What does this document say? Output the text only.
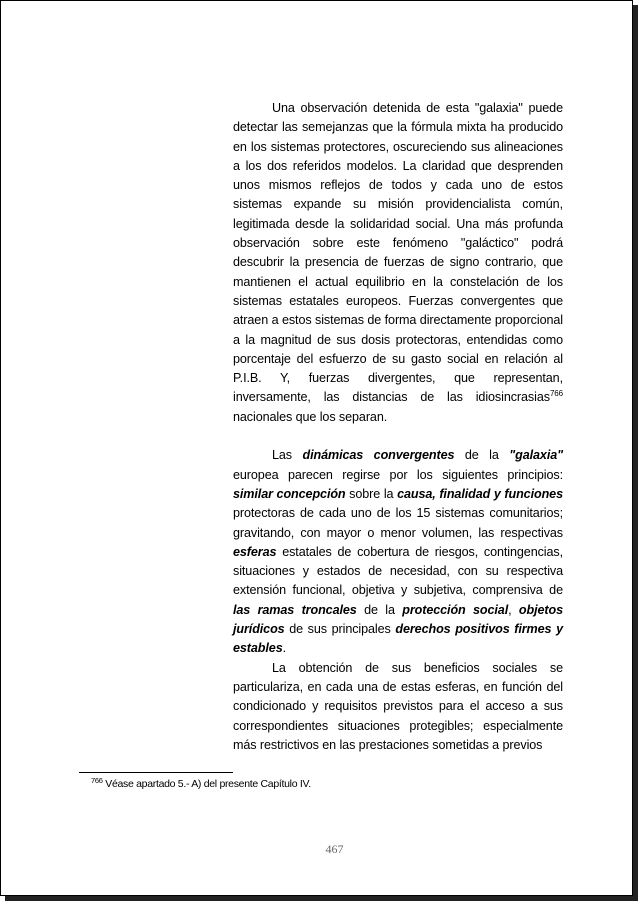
Una observación detenida de esta "galaxia" puede detectar las semejanzas que la fórmula mixta ha producido en los sistemas protectores, oscureciendo sus alineaciones a los dos referidos modelos. La claridad que desprenden unos mismos reflejos de todos y cada uno de estos sistemas expande su misión providencialista común, legitimada desde la solidaridad social. Una más profunda observación sobre este fenómeno "galáctico" podrá descubrir la presencia de fuerzas de signo contrario, que mantienen el actual equilibrio en la constelación de los sistemas estatales europeos. Fuerzas convergentes que atraen a estos sistemas de forma directamente proporcional a la magnitud de sus dosis protectoras, entendidas como porcentaje del esfuerzo de su gasto social en relación al P.I.B. Y, fuerzas divergentes, que representan, inversamente, las distancias de las idiosincrasias$^{766}$ nacionales que los separan.

Las dinámicas convergentes de la "galaxia" europea parecen regirse por los siguientes principios: similar concepción sobre la causa, finalidad y funciones protectoras de cada uno de los 15 sistemas comunitarios; gravitando, con mayor o menor volumen, las respectivas esferas estatales de cobertura de riesgos, contingencias, situaciones y estados de necesidad, con su respectiva extensión funcional, objetiva y subjetiva, comprensiva de las ramas troncales de la protección social, objetos jurídicos de sus principales derechos positivos firmes y estables.

La obtención de sus beneficios sociales se particulariza, en cada una de estas esferas, en función del condicionado y requisitos previstos para el acceso a sus correspondientes situaciones protegibles; especialmente más restrictivos en las prestaciones sometidas a previos

$^{766}$ Véase apartado 5.- A) del presente Capítulo IV.
467
